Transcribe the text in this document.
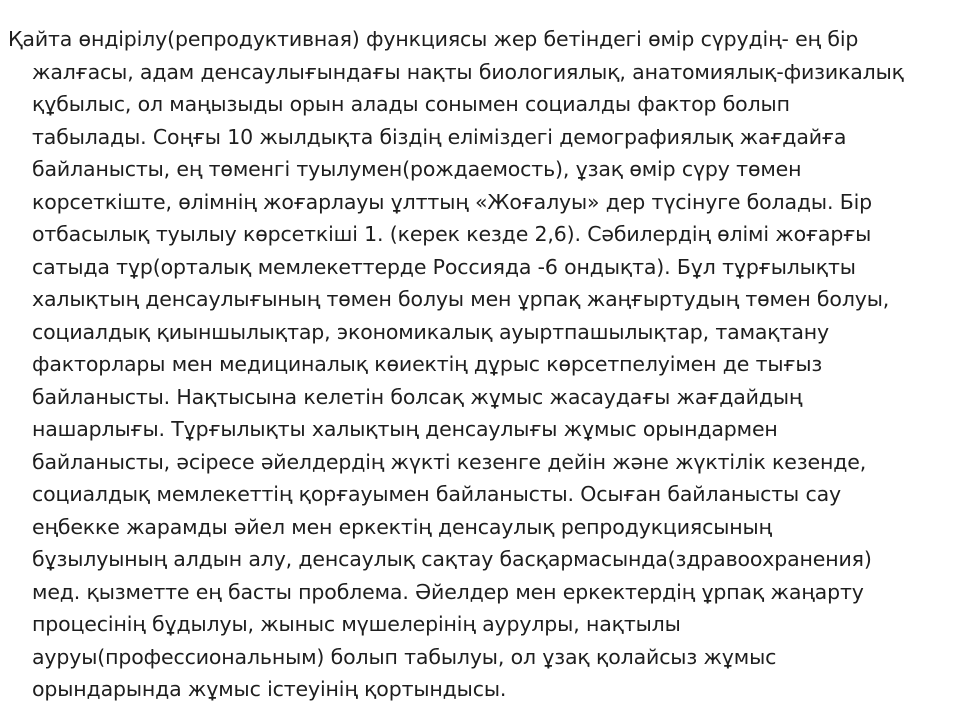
Қайта өндірілу(репродуктивная) функциясы жер бетіндегі өмір сүрудің- ең бір
жалғасы, адам денсаулығындағы нақты биологиялық, анатомиялық-физикалық
құбылыс, ол маңызыды орын алады сонымен социалды фактор болып
табылады. Соңғы 10 жылдықта біздің еліміздегі демографиялық жағдайға
байланысты, ең төменгі туылумен(рождаемость), ұзақ өмір сүру төмен
корсеткіште, өлімнің жоғарлауы ұлттың «Жоғалуы» дер түсінуге болады. Бір
отбасылық туылыу көрсеткіші 1. (керек кезде 2,6). Сәбилердің өлімі жоғарғы
сатыда тұр(орталық мемлекеттерде Россияда -6 ондықта). Бұл тұрғылықты
халықтың денсаулығының төмен болуы мен ұрпақ жаңғыртудың төмен болуы,
социалдық қиыншылықтар, экономикалық ауыртпашылықтар, тамақтану
факторлары мен медициналық көиектің дұрыс көрсетпелуімен де тығыз
байланысты. Нақтысына келетін болсақ жұмыс жасаудағы жағдайдың
нашарлығы. Тұрғылықты халықтың денсаулығы жұмыс орындармен
байланысты, әсіресе әйелдердің жүкті кезенге дейін және жүктілік кезенде,
социалдық мемлекеттің қорғауымен байланысты. Осыған байланысты сау
еңбекке жарамды әйел мен еркектің денсаулық репродукциясының
бұзылуының алдын алу, денсаулық сақтау басқармасында(здравоохранения)
мед. қызметте ең басты проблема. Әйелдер мен еркектердің ұрпақ жаңарту
процесінің бұдылуы, жыныс мүшелерінің аурулры, нақтылы
ауруы(профессиональным) болып табылуы, ол ұзақ қолайсыз жұмыс
орындарында жұмыс істеуінің қортындысы.
